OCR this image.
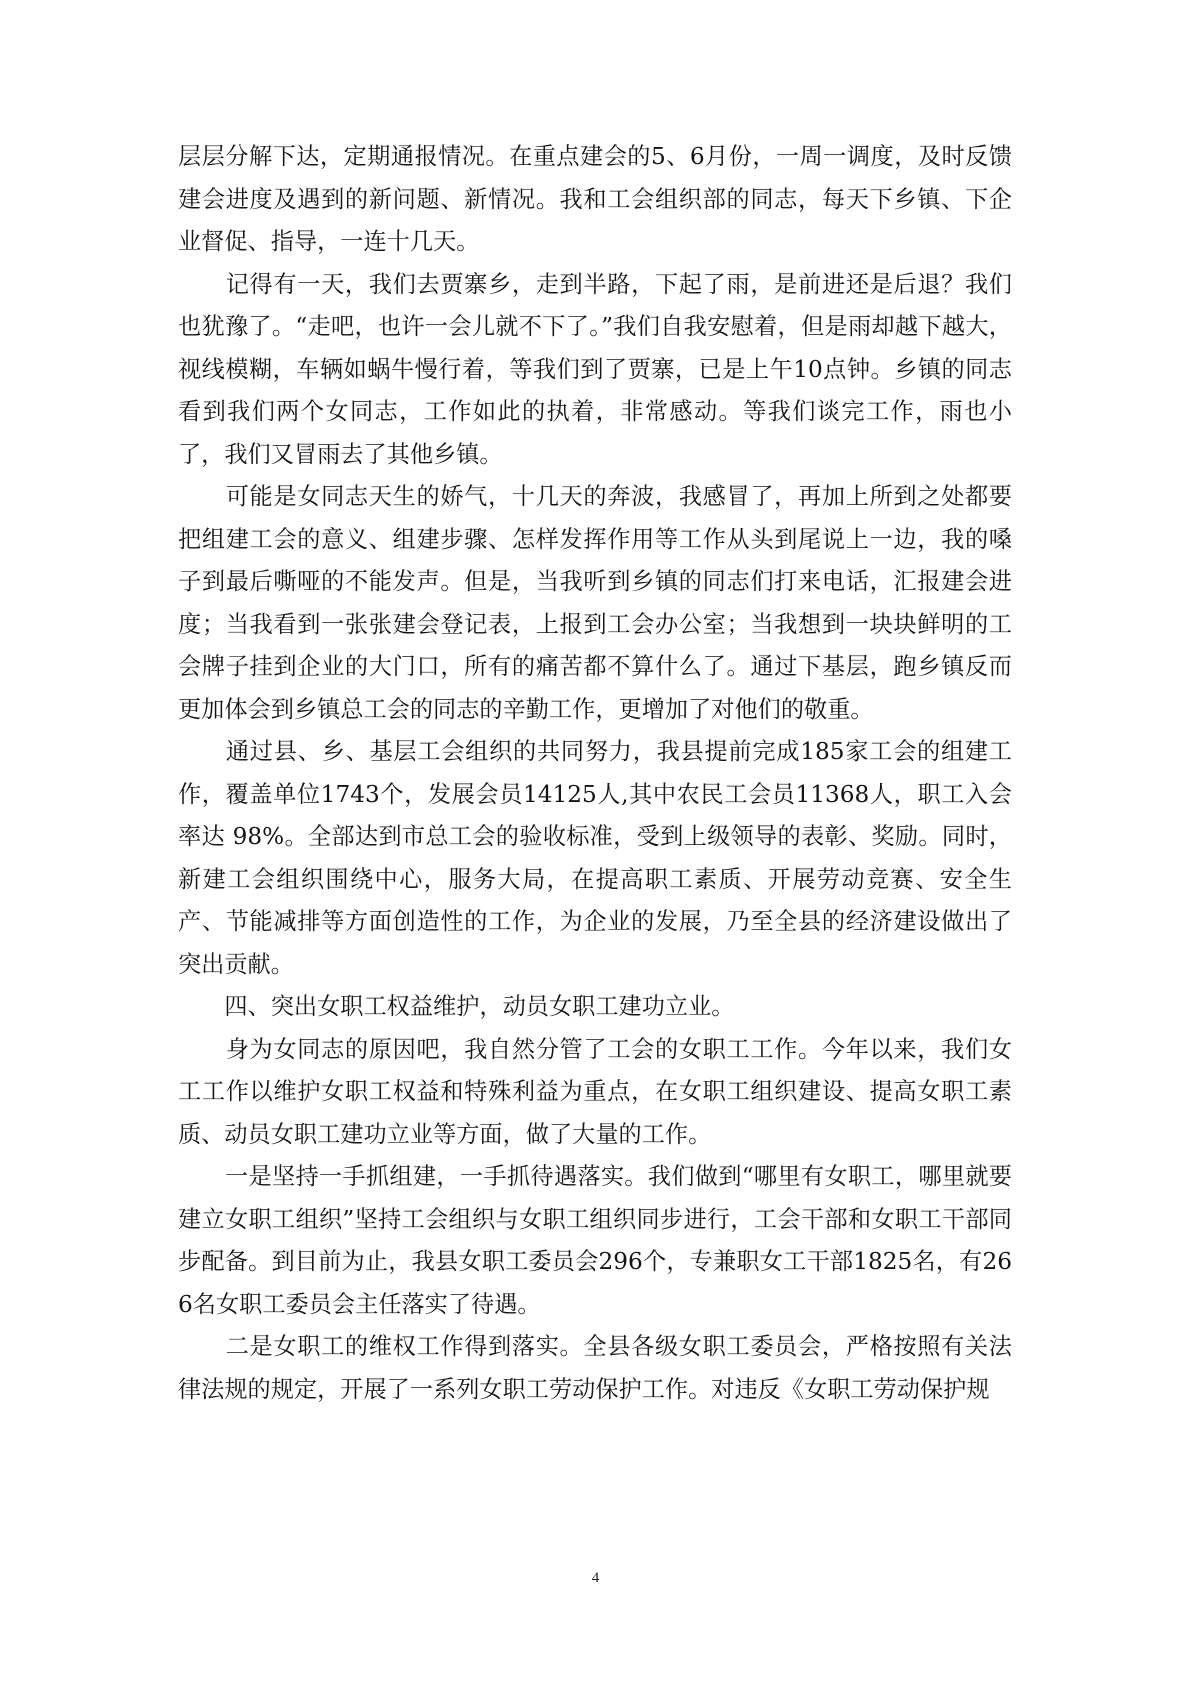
层层分解下达，定期通报情况。在重点建会的5、6月份，一周一调度，及时反馈建会进度及遇到的新问题、新情况。我和工会组织部的同志，每天下乡镇、下企业督促、指导，一连十几天。

　　记得有一天，我们去贾寨乡，走到半路，下起了雨，是前进还是后退？我们也犹豫了。“走吧，也许一会儿就不下了。”我们自我安慰着，但是雨却越下越大，视线模糊，车辆如蜗牛慢行着，等我们到了贾寨，已是上午10点钟。乡镇的同志看到我们两个女同志，工作如此的执着，非常感动。等我们谈完工作，雨也小了，我们又冒雨去了其他乡镇。

　　可能是女同志天生的娇气，十几天的奔波，我感冒了，再加上所到之处都要把组建工会的意义、组建步骤、怎样发挥作用等工作从头到尾说上一边，我的嗓子到最后嘶哑的不能发声。但是，当我听到乡镇的同志们打来电话，汇报建会进度；当我看到一张张建会登记表，上报到工会办公室；当我想到一块块鲜明的工会牌子挂到企业的大门口，所有的痛苦都不算什么了。通过下基层，跑乡镇反而更加体会到乡镇总工会的同志的辛勤工作，更增加了对他们的敬重。

　　通过县、乡、基层工会组织的共同努力，我县提前完成185家工会的组建工作，覆盖单位1743个，发展会员14125人,其中农民工会员11368人，职工入会率达 98%。全部达到市总工会的验收标准，受到上级领导的表彰、奖励。同时，新建工会组织围绕中心，服务大局，在提高职工素质、开展劳动竞赛、安全生产、节能减排等方面创造性的工作，为企业的发展，乃至全县的经济建设做出了突出贡献。

　　四、突出女职工权益维护，动员女职工建功立业。

　　身为女同志的原因吧，我自然分管了工会的女职工工作。今年以来，我们女工工作以维护女职工权益和特殊利益为重点，在女职工组织建设、提高女职工素质、动员女职工建功立业等方面，做了大量的工作。

　　一是坚持一手抓组建，一手抓待遇落实。我们做到“哪里有女职工，哪里就要建立女职工组织”坚持工会组织与女职工组织同步进行，工会干部和女职工干部同步配备。到目前为止，我县女职工委员会296个，专兼职女工干部1825名，有266名女职工委员会主任落实了待遇。

　　二是女职工的维权工作得到落实。全县各级女职工委员会，严格按照有关法律法规的规定，开展了一系列女职工劳动保护工作。对违反《女职工劳动保护规

4
